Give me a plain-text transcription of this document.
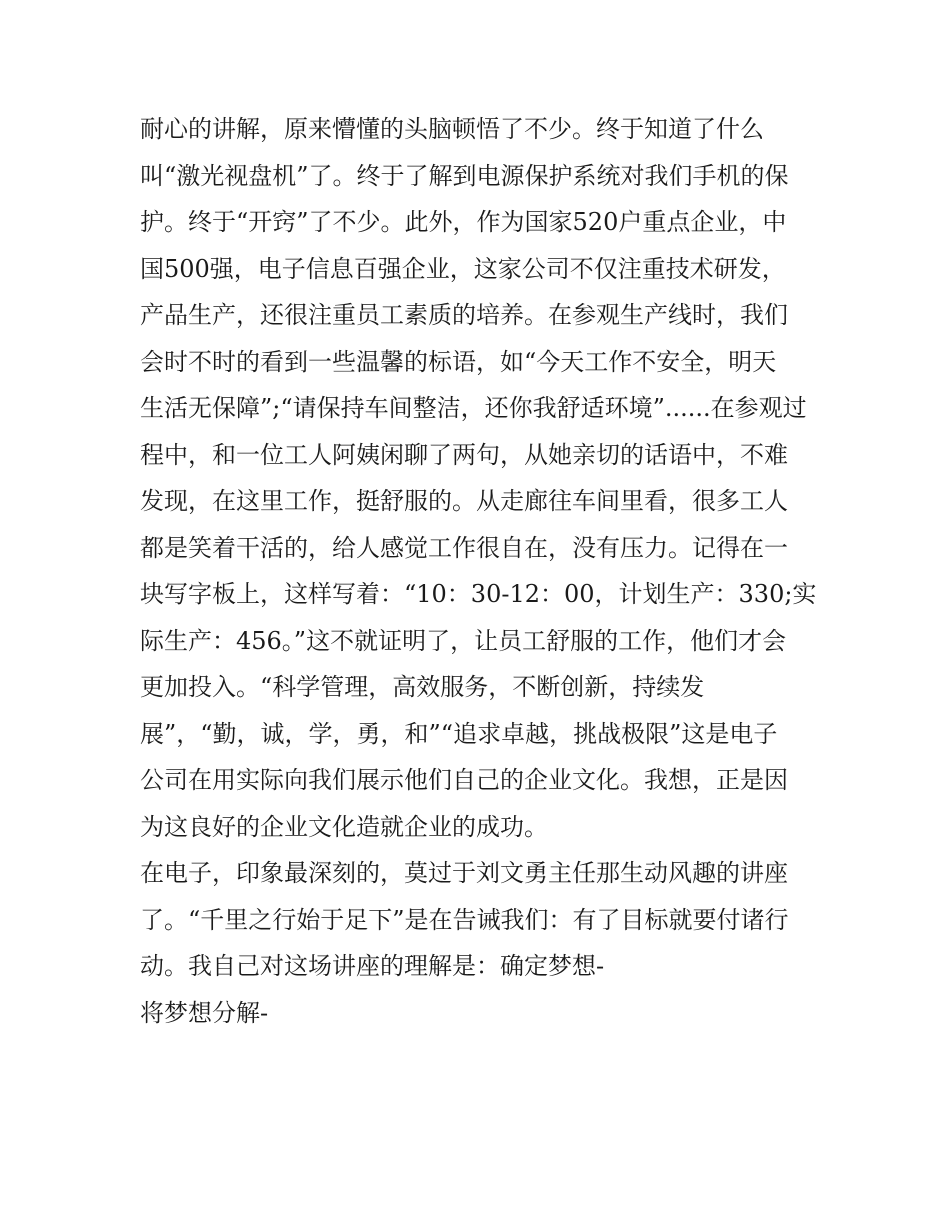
耐心的讲解，原来懵懂的头脑顿悟了不少。终于知道了什么
叫“激光视盘机”了。终于了解到电源保护系统对我们手机的保
护。终于“开窍”了不少。此外，作为国家520户重点企业，中
国500强，电子信息百强企业，这家公司不仅注重技术研发，
产品生产，还很注重员工素质的培养。在参观生产线时，我们
会时不时的看到一些温馨的标语，如“今天工作不安全，明天
生活无保障”;“请保持车间整洁，还你我舒适环境”......在参观过
程中，和一位工人阿姨闲聊了两句，从她亲切的话语中，不难
发现，在这里工作，挺舒服的。从走廊往车间里看，很多工人
都是笑着干活的，给人感觉工作很自在，没有压力。记得在一
块写字板上，这样写着：“10：30-12：00，计划生产：330;实
际生产：456。”这不就证明了，让员工舒服的工作，他们才会
更加投入。“科学管理，高效服务，不断创新，持续发
展”，“勤，诚，学，勇，和”“追求卓越，挑战极限”这是电子
公司在用实际向我们展示他们自己的企业文化。我想，正是因
为这良好的企业文化造就企业的成功。
在电子，印象最深刻的，莫过于刘文勇主任那生动风趣的讲座
了。“千里之行始于足下”是在告诫我们：有了目标就要付诸行
动。我自己对这场讲座的理解是：确定梦想-
将梦想分解-
